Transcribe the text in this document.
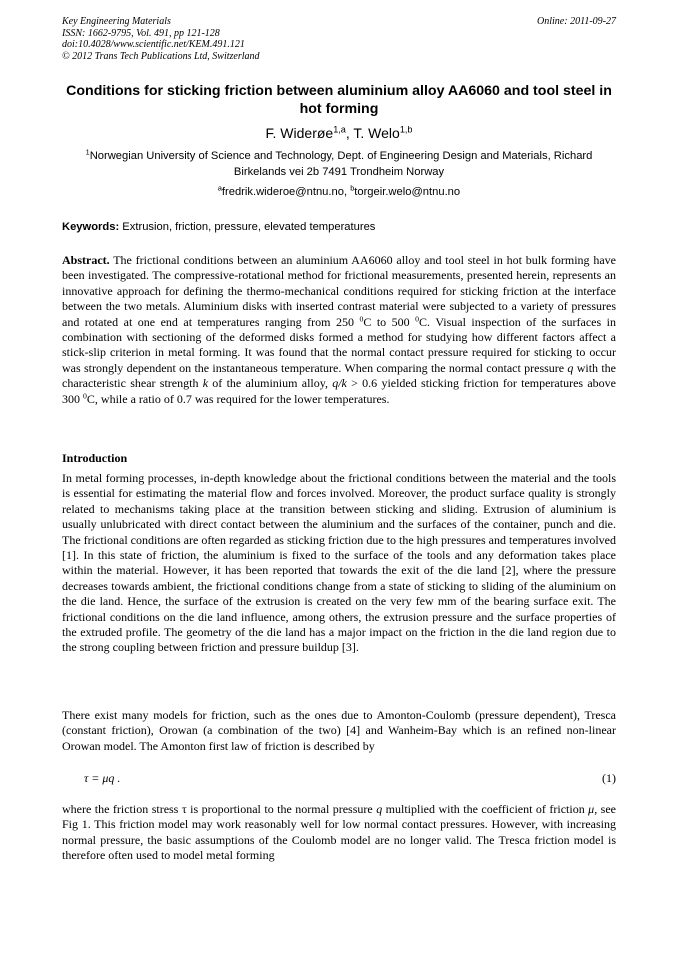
Key Engineering Materials
ISSN: 1662-9795, Vol. 491, pp 121-128
doi:10.4028/www.scientific.net/KEM.491.121
© 2012 Trans Tech Publications Ltd, Switzerland
Online: 2011-09-27
Conditions for sticking friction between aluminium alloy AA6060 and tool steel in hot forming
F. Widerøe$^{1,a}$, T. Welo$^{1,b}$
$^1$Norwegian University of Science and Technology, Dept. of Engineering Design and Materials, Richard Birkelands vei 2b 7491 Trondheim Norway
$^a$fredrik.wideroe@ntnu.no, $^b$torgeir.welo@ntnu.no
Keywords: Extrusion, friction, pressure, elevated temperatures
Abstract. The frictional conditions between an aluminium AA6060 alloy and tool steel in hot bulk forming have been investigated. The compressive-rotational method for frictional measurements, presented herein, represents an innovative approach for defining the thermo-mechanical conditions required for sticking friction at the interface between the two metals. Aluminium disks with inserted contrast material were subjected to a variety of pressures and rotated at one end at temperatures ranging from 250 $^0$C to 500 $^0$C. Visual inspection of the surfaces in combination with sectioning of the deformed disks formed a method for studying how different factors affect a stick-slip criterion in metal forming. It was found that the normal contact pressure required for sticking to occur was strongly dependent on the instantaneous temperature. When comparing the normal contact pressure q with the characteristic shear strength k of the aluminium alloy, q/k > 0.6 yielded sticking friction for temperatures above 300 $^0$C, while a ratio of 0.7 was required for the lower temperatures.
Introduction
In metal forming processes, in-depth knowledge about the frictional conditions between the material and the tools is essential for estimating the material flow and forces involved. Moreover, the product surface quality is strongly related to mechanisms taking place at the transition between sticking and sliding. Extrusion of aluminium is usually unlubricated with direct contact between the aluminium and the surfaces of the container, punch and die. The frictional conditions are often regarded as sticking friction due to the high pressures and temperatures involved [1]. In this state of friction, the aluminium is fixed to the surface of the tools and any deformation takes place within the material. However, it has been reported that towards the exit of the die land [2], where the pressure decreases towards ambient, the frictional conditions change from a state of sticking to sliding of the aluminium on the die land. Hence, the surface of the extrusion is created on the very few mm of the bearing surface exit. The frictional conditions on the die land influence, among others, the extrusion pressure and the surface properties of the extruded profile. The geometry of the die land has a major impact on the friction in the die land region due to the strong coupling between friction and pressure buildup [3].
There exist many models for friction, such as the ones due to Amonton-Coulomb (pressure dependent), Tresca (constant friction), Orowan (a combination of the two) [4] and Wanheim-Bay which is an refined non-linear Orowan model. The Amonton first law of friction is described by
τ = μq .	(1)
where the friction stress τ is proportional to the normal pressure q multiplied with the coefficient of friction μ, see Fig 1. This friction model may work reasonably well for low normal contact pressures. However, with increasing normal pressure, the basic assumptions of the Coulomb model are no longer valid. The Tresca friction model is therefore often used to model metal forming
